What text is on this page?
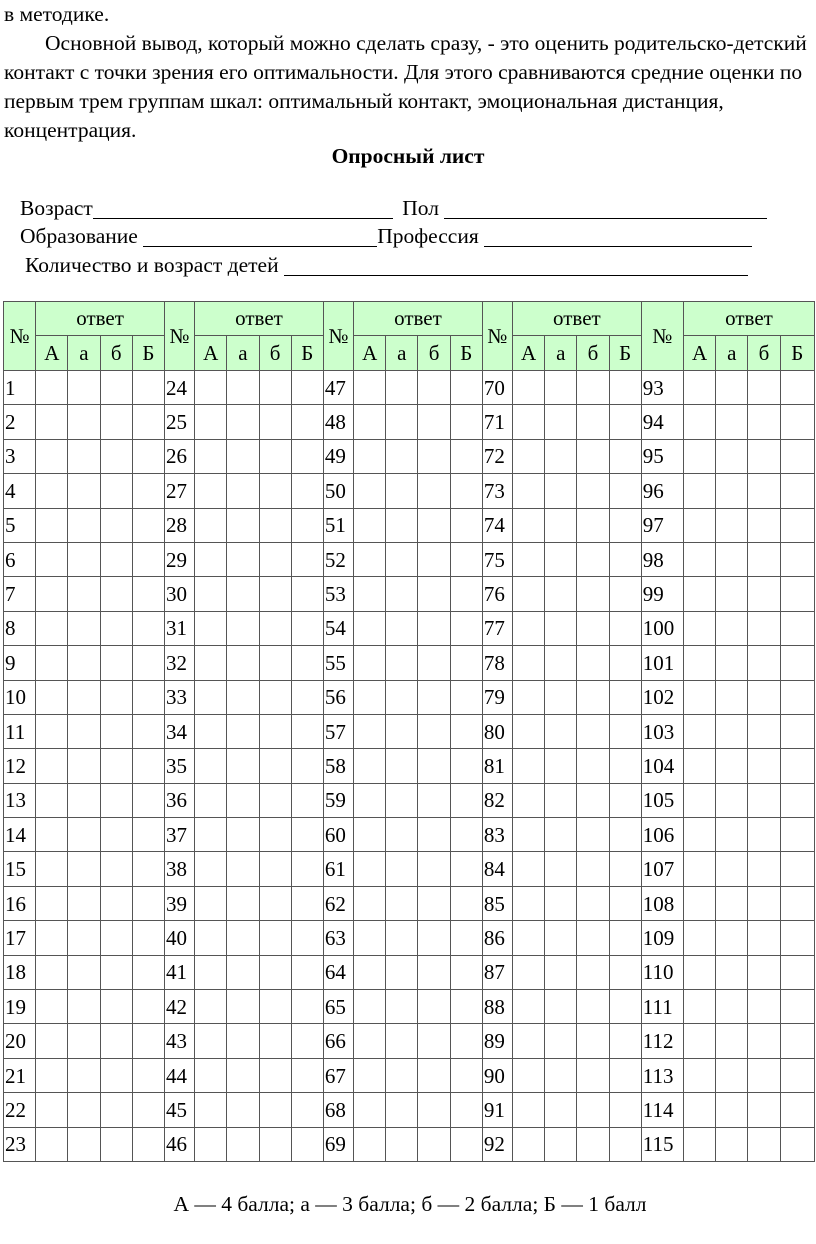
в методике.

Основной вывод, который можно сделать сразу, - это оценить родительско-детский контакт с точки зрения его оптимальности. Для этого сравниваются средние оценки по первым трем группам шкал: оптимальный контакт, эмоциональная дистанция, концентрация.

Опросный лист
Возраст	Пол
Образование	Профессия
Количество и возраст детей
№	ответ				№	ответ				№	ответ				№	ответ				№	ответ			
	А	а	б	Б		А	а	б	Б		А	а	б	Б		А	а	б	Б		А	а	б	Б
1					24					47					70					93				
2					25					48					71					94				
3					26					49					72					95				
4					27					50					73					96				
5					28					51					74					97				
6					29					52					75					98				
7					30					53					76					99				
8					31					54					77					100				
9					32					55					78					101				
10					33					56					79					102				
11					34					57					80					103				
12					35					58					81					104				
13					36					59					82					105				
14					37					60					83					106				
15					38					61					84					107				
16					39					62					85					108				
17					40					63					86					109				
18					41					64					87					110				
19					42					65					88					111				
20					43					66					89					112				
21					44					67					90					113				
22					45					68					91					114				
23					46					69					92					115				
А — 4 балла; а — 3 балла; б — 2 балла; Б — 1 балл
